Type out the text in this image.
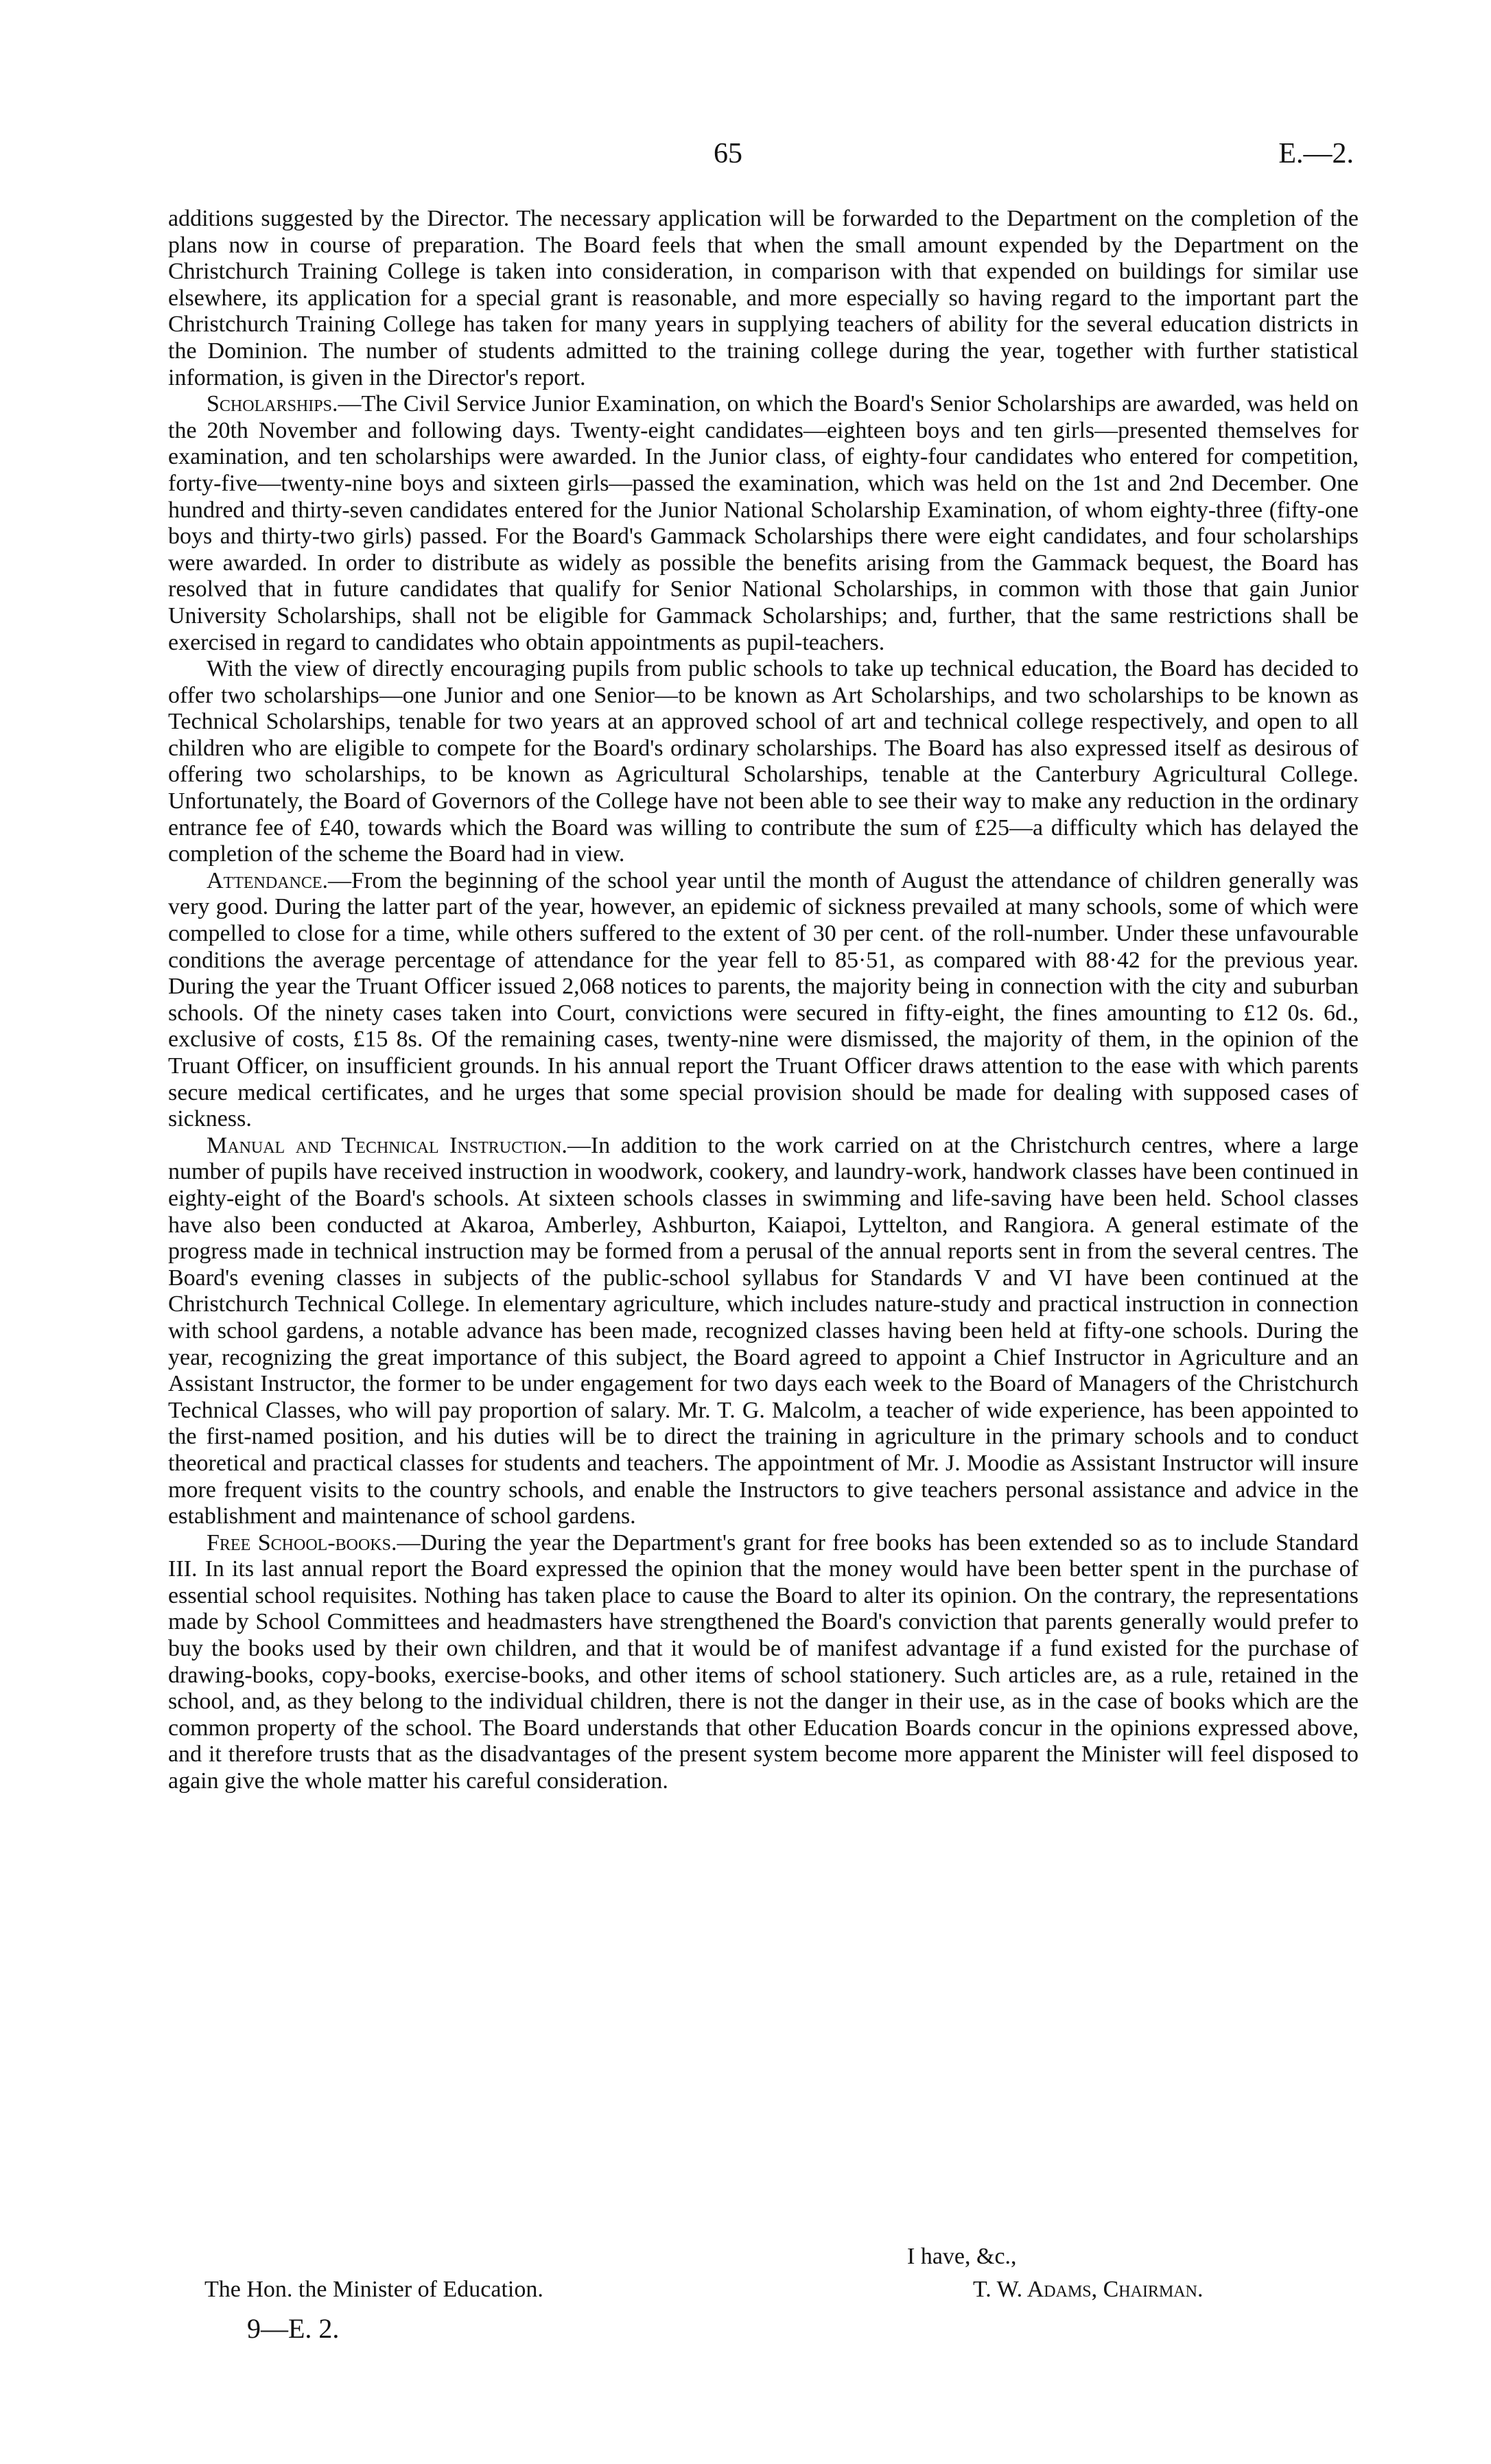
65	E.—2.

additions suggested by the Director. The necessary application will be forwarded to the Department on the completion of the plans now in course of preparation. The Board feels that when the small amount expended by the Department on the Christchurch Training College is taken into consideration, in comparison with that expended on buildings for similar use elsewhere, its application for a special grant is reasonable, and more especially so having regard to the important part the Christchurch Training College has taken for many years in supplying teachers of ability for the several education districts in the Dominion. The number of students admitted to the training college during the year, together with further statistical information, is given in the Director's report.

Scholarships.—The Civil Service Junior Examination, on which the Board's Senior Scholarships are awarded, was held on the 20th November and following days. Twenty-eight candidates—eighteen boys and ten girls—presented themselves for examination, and ten scholarships were awarded. In the Junior class, of eighty-four candidates who entered for competition, forty-five—twenty-nine boys and sixteen girls—passed the examination, which was held on the 1st and 2nd December. One hundred and thirty-seven candidates entered for the Junior National Scholarship Examination, of whom eighty-three (fifty-one boys and thirty-two girls) passed. For the Board's Gammack Scholarships there were eight candidates, and four scholarships were awarded. In order to distribute as widely as possible the benefits arising from the Gammack bequest, the Board has resolved that in future candidates that qualify for Senior National Scholarships, in common with those that gain Junior University Scholarships, shall not be eligible for Gammack Scholarships; and, further, that the same restrictions shall be exercised in regard to candidates who obtain appointments as pupil-teachers.

With the view of directly encouraging pupils from public schools to take up technical education, the Board has decided to offer two scholarships—one Junior and one Senior—to be known as Art Scholarships, and two scholarships to be known as Technical Scholarships, tenable for two years at an approved school of art and technical college respectively, and open to all children who are eligible to compete for the Board's ordinary scholarships. The Board has also expressed itself as desirous of offering two scholarships, to be known as Agricultural Scholarships, tenable at the Canterbury Agricultural College. Unfortunately, the Board of Governors of the College have not been able to see their way to make any reduction in the ordinary entrance fee of £40, towards which the Board was willing to contribute the sum of £25—a difficulty which has delayed the completion of the scheme the Board had in view.

Attendance.—From the beginning of the school year until the month of August the attendance of children generally was very good. During the latter part of the year, however, an epidemic of sickness prevailed at many schools, some of which were compelled to close for a time, while others suffered to the extent of 30 per cent. of the roll-number. Under these unfavourable conditions the average percentage of attendance for the year fell to 85·51, as compared with 88·42 for the previous year. During the year the Truant Officer issued 2,068 notices to parents, the majority being in connection with the city and suburban schools. Of the ninety cases taken into Court, convictions were secured in fifty-eight, the fines amounting to £12 0s. 6d., exclusive of costs, £15 8s. Of the remaining cases, twenty-nine were dismissed, the majority of them, in the opinion of the Truant Officer, on insufficient grounds. In his annual report the Truant Officer draws attention to the ease with which parents secure medical certificates, and he urges that some special provision should be made for dealing with supposed cases of sickness.

Manual and Technical Instruction.—In addition to the work carried on at the Christchurch centres, where a large number of pupils have received instruction in woodwork, cookery, and laundry-work, handwork classes have been continued in eighty-eight of the Board's schools. At sixteen schools classes in swimming and life-saving have been held. School classes have also been conducted at Akaroa, Amberley, Ashburton, Kaiapoi, Lyttelton, and Rangiora. A general estimate of the progress made in technical instruction may be formed from a perusal of the annual reports sent in from the several centres. The Board's evening classes in subjects of the public-school syllabus for Standards V and VI have been continued at the Christchurch Technical College. In elementary agriculture, which includes nature-study and practical instruction in connection with school gardens, a notable advance has been made, recognized classes having been held at fifty-one schools. During the year, recognizing the great importance of this subject, the Board agreed to appoint a Chief Instructor in Agriculture and an Assistant Instructor, the former to be under engagement for two days each week to the Board of Managers of the Christchurch Technical Classes, who will pay proportion of salary. Mr. T. G. Malcolm, a teacher of wide experience, has been appointed to the first-named position, and his duties will be to direct the training in agriculture in the primary schools and to conduct theoretical and practical classes for students and teachers. The appointment of Mr. J. Moodie as Assistant Instructor will insure more frequent visits to the country schools, and enable the Instructors to give teachers personal assistance and advice in the establishment and maintenance of school gardens.

Free School-books.—During the year the Department's grant for free books has been extended so as to include Standard III. In its last annual report the Board expressed the opinion that the money would have been better spent in the purchase of essential school requisites. Nothing has taken place to cause the Board to alter its opinion. On the contrary, the representations made by School Committees and headmasters have strengthened the Board's conviction that parents generally would prefer to buy the books used by their own children, and that it would be of manifest advantage if a fund existed for the purchase of drawing-books, copy-books, exercise-books, and other items of school stationery. Such articles are, as a rule, retained in the school, and, as they belong to the individual children, there is not the danger in their use, as in the case of books which are the common property of the school. The Board understands that other Education Boards concur in the opinions expressed above, and it therefore trusts that as the disadvantages of the present system become more apparent the Minister will feel disposed to again give the whole matter his careful consideration.

I have, &c.,
The Hon. the Minister of Education.	T. W. Adams, Chairman.
9—E. 2.
